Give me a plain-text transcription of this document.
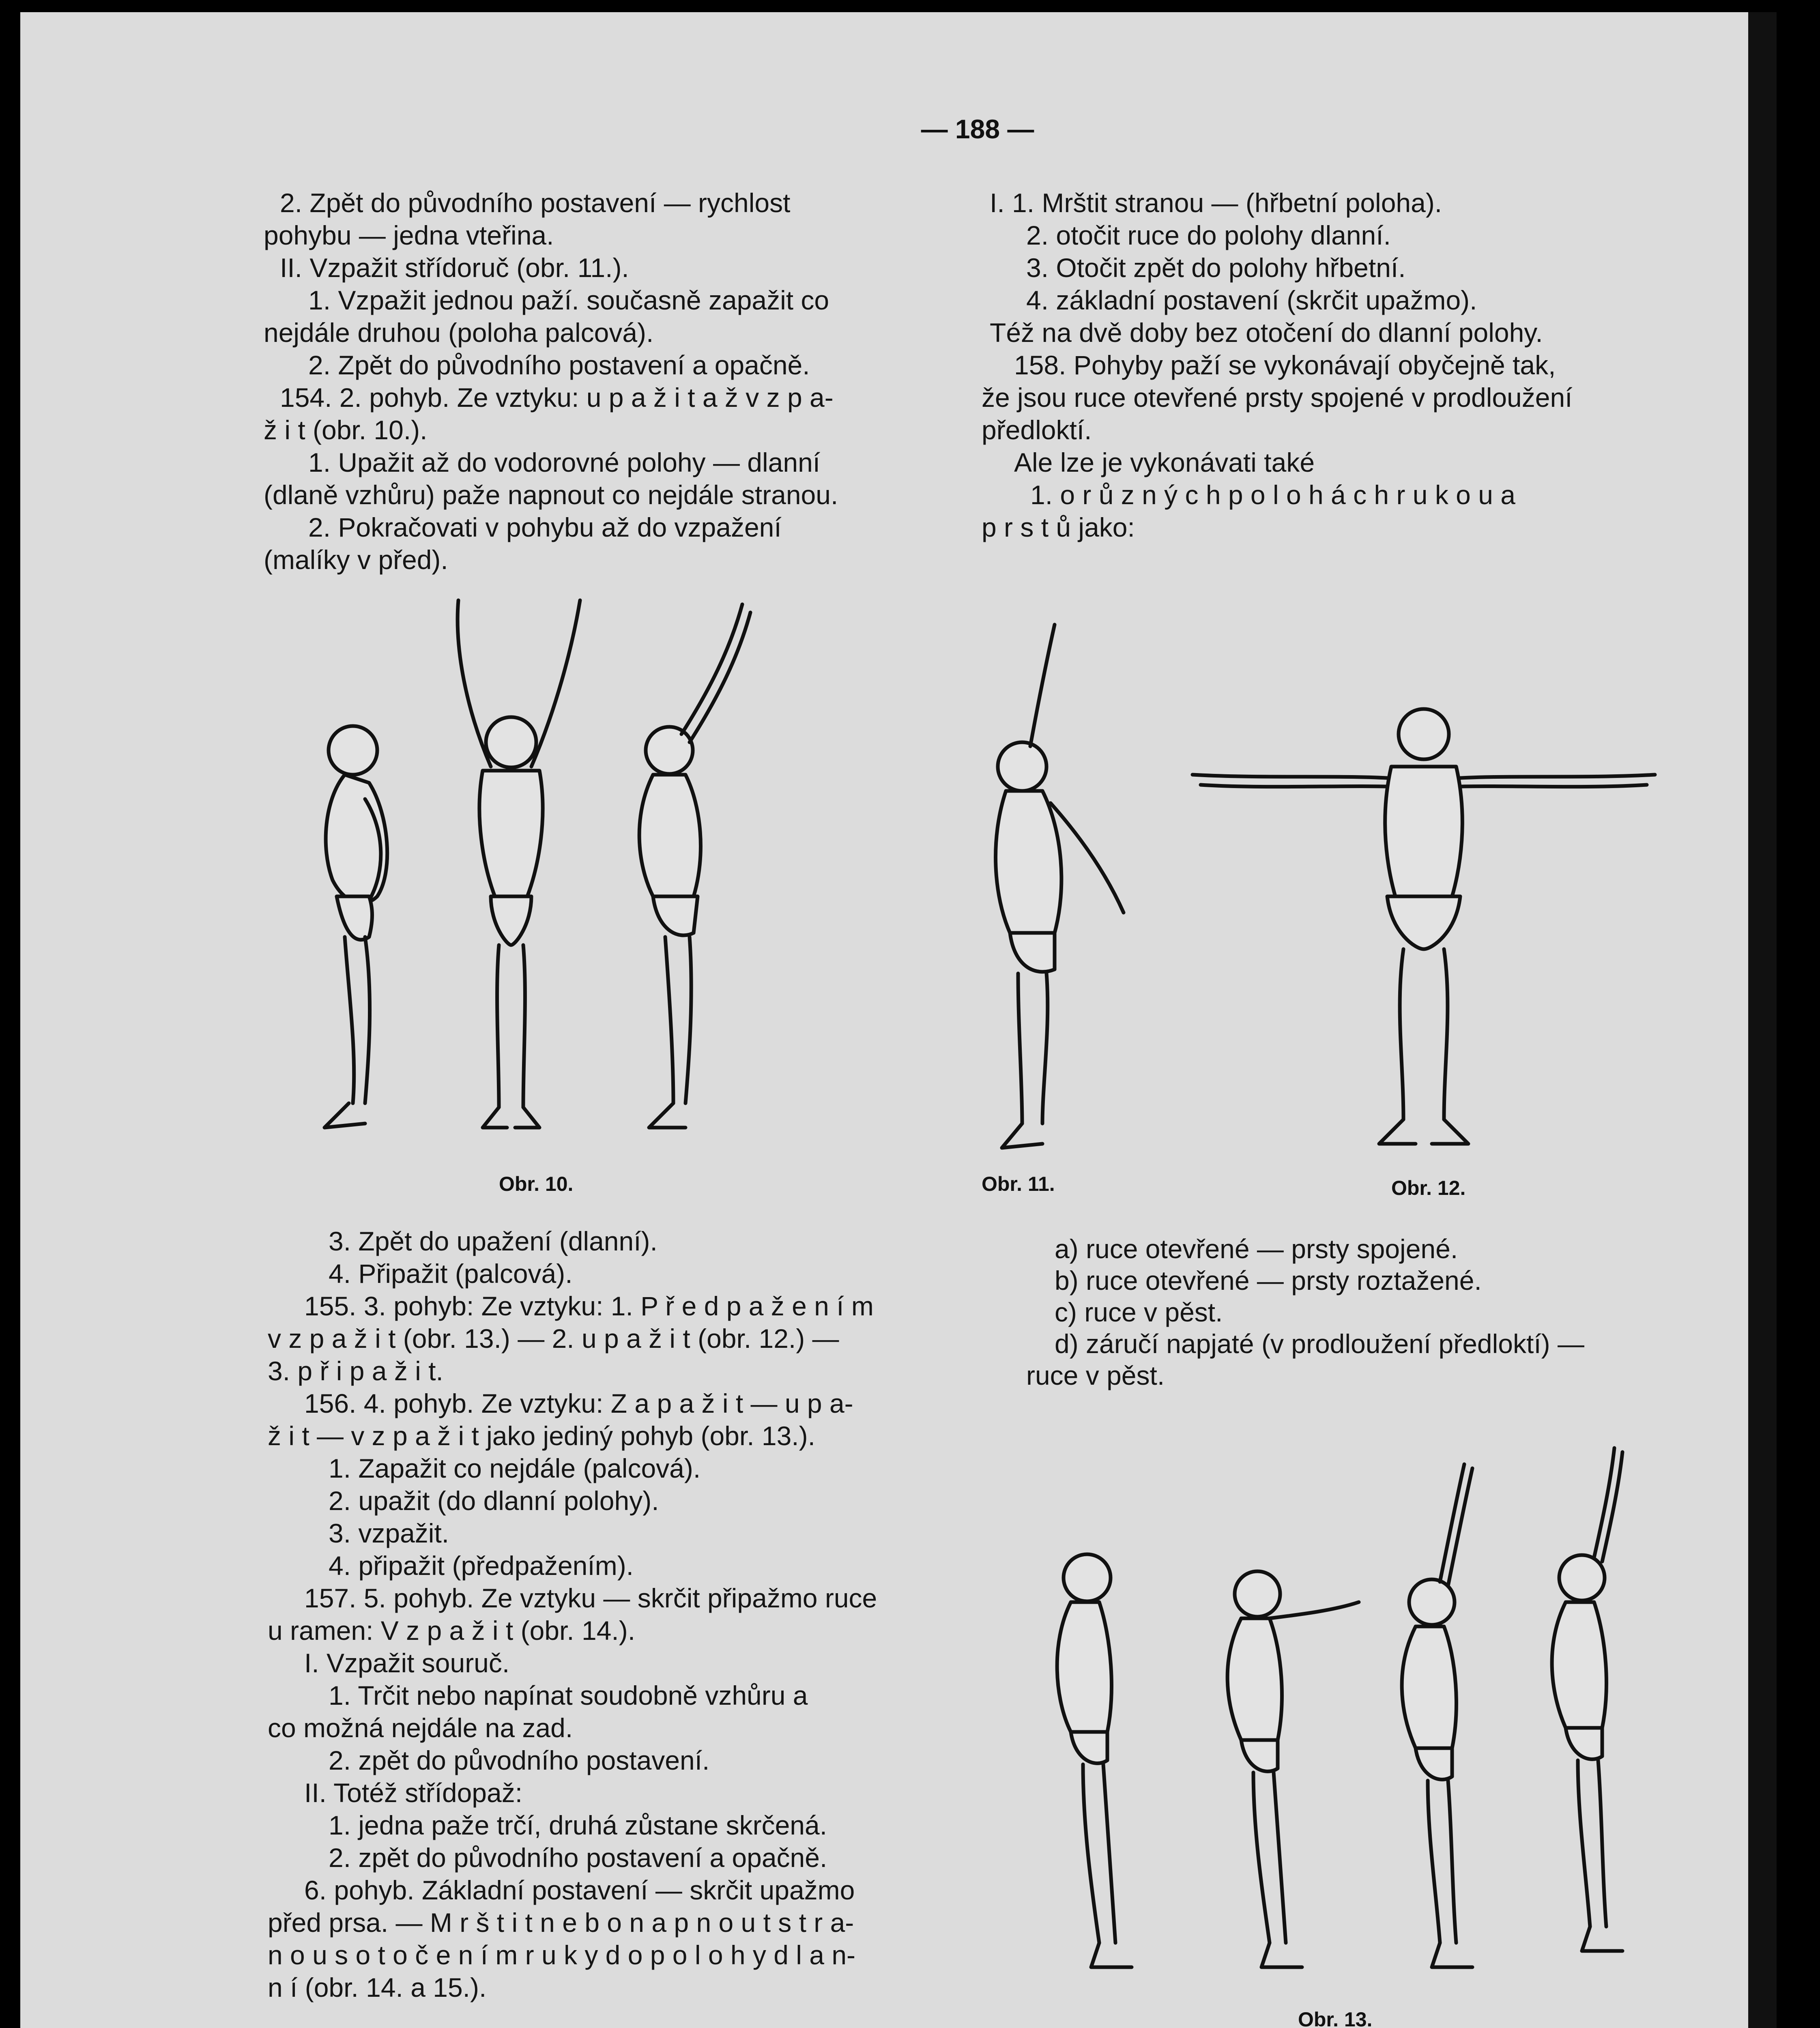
— 188 —
2. Zpět do původního postavení — rychlost
pohybu — jedna vteřina.
II. Vzpažit střídoruč (obr. 11.).
1. Vzpažit jednou paží. současně zapažit co
nejdále druhou (poloha palcová).
2. Zpět do původního postavení a opačně.
154. 2. pohyb. Ze vztyku: u p a ž i t a ž v z p a-
ž i t (obr. 10.).
1. Upažit až do vodorovné polohy — dlanní
(dlaně vzhůru) paže napnout co nejdále stranou.
2. Pokračovati v pohybu až do vzpažení
(malíky v před).
I. 1. Mrštit stranou — (hřbetní poloha).
2. otočit ruce do polohy dlanní.
3. Otočit zpět do polohy hřbetní.
4. základní postavení (skrčit upažmo).
Též na dvě doby bez otočení do dlanní polohy.
158. Pohyby paží se vykonávají obyčejně tak,
že jsou ruce otevřené prsty spojené v prodloužení
předloktí.
Ale lze je vykonávati také
1. o r ů z n ý c h p o l o h á c h r u k o u a
p r s t ů jako:
Obr. 10.	Obr. 11.	Obr. 12.
3. Zpět do upažení (dlanní).
4. Připažit (palcová).
155. 3. pohyb: Ze vztyku: 1. P ř e d p a ž e n í m
v z p a ž i t (obr. 13.) — 2. u p a ž i t (obr. 12.) —
3. p ř i p a ž i t.
156. 4. pohyb. Ze vztyku: Z a p a ž i t — u p a-
ž i t — v z p a ž i t jako jediný pohyb (obr. 13.).
1. Zapažit co nejdále (palcová).
2. upažit (do dlanní polohy).
3. vzpažit.
4. připažit (předpažením).
157. 5. pohyb. Ze vztyku — skrčit připažmo ruce
u ramen: V z p a ž i t (obr. 14.).
I. Vzpažit souruč.
1. Trčit nebo napínat soudobně vzhůru a
co možná nejdále na zad.
2. zpět do původního postavení.
II. Totéž střídopaž:
1. jedna paže trčí, druhá zůstane skrčená.
2. zpět do původního postavení a opačně.
6. pohyb. Základní postavení — skrčit upažmo
před prsa. — M r š t i t n e b o n a p n o u t s t r a-
n o u s o t o č e n í m r u k y d o p o l o h y d l a n-
n í (obr. 14. a 15.).
a) ruce otevřené — prsty spojené.
b) ruce otevřené — prsty roztažené.
c) ruce v pěst.
d) záručí napjaté (v prodloužení předloktí) —
ruce v pěst.
Obr. 13.
